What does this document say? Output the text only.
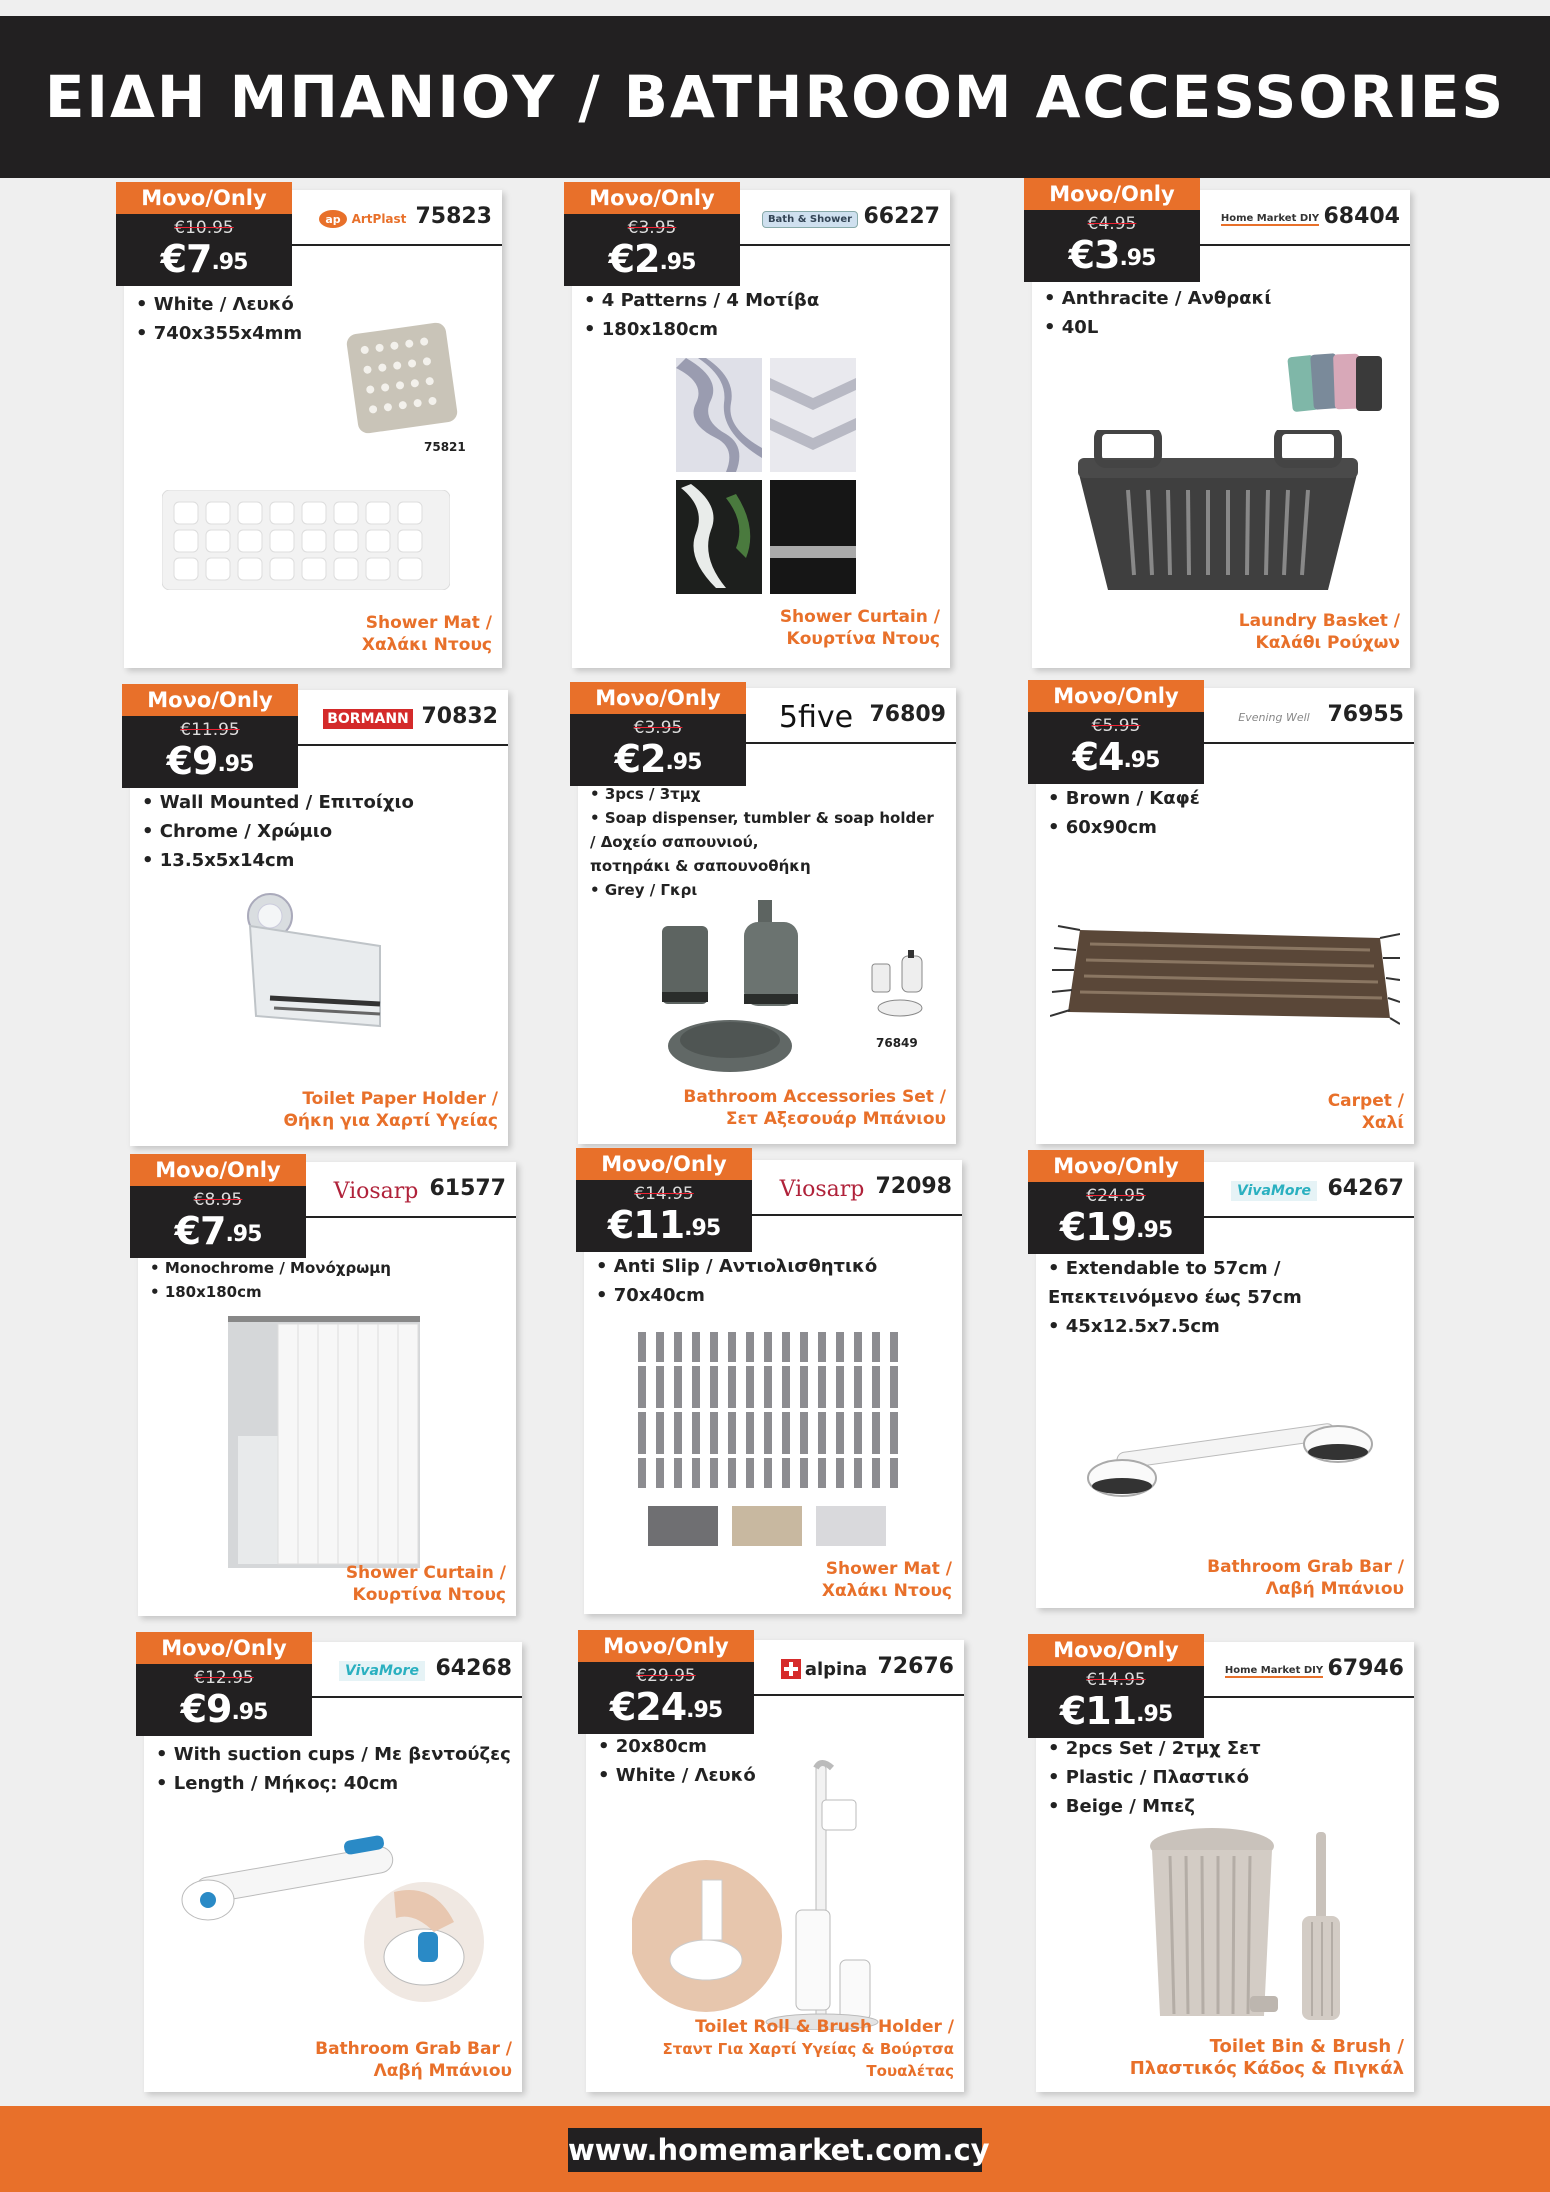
ΕΙΔΗ ΜΠΑΝΙΟΥ / BATHROOM ACCESSORIES
Μονο/Only
€10.95
$€7^{.95}$
ap ArtPlast 75823
• White / Λευκό
• 740x355x4mm
75821
Shower Mat /
Χαλάκι Ντους
Μονο/Only
€3.95
$€2^{.95}$
Bath & Shower 66227
• 4 Patterns / 4 Μοτίβα
• 180x180cm
Shower Curtain /
Κουρτίνα Ντους
Μονο/Only
€4.95
$€3^{.95}$
Home Market DIY 68404
• Anthracite / Ανθρακί
• 40L
Laundry Basket /
Καλάθι Ρούχων
Μονο/Only
€11.95
$€9^{.95}$
BORMANN 70832
• Wall Mounted / Επιτοίχιο
• Chrome / Χρώμιο
• 13.5x5x14cm
Toilet Paper Holder /
Θήκη για Χαρτί Υγείας
Μονο/Only
€3.95
$€2^{.95}$
5five 76809
• 3pcs / 3τμχ
• Soap dispenser, tumbler & soap holder
/ Δοχείο σαπουνιού,
ποτηράκι & σαπουνοθήκη
• Grey / Γκρι
76849
Bathroom Accessories Set /
Σετ Αξεσουάρ Μπάνιου
Μονο/Only
€5.95
$€4^{.95}$
Evening Well 76955
• Brown / Καφέ
• 60x90cm
Carpet /
Χαλί
Μονο/Only
€8.95
$€7^{.95}$
Viosarp 61577
• Monochrome / Μονόχρωμη
• 180x180cm
Shower Curtain /
Κουρτίνα Ντους
Μονο/Only
€14.95
$€11^{.95}$
Viosarp 72098
• Anti Slip / Αντιολισθητικό
• 70x40cm
Shower Mat /
Χαλάκι Ντους
Μονο/Only
€24.95
$€19^{.95}$
VivaMore 64267
• Extendable to 57cm /
Επεκτεινόμενο έως 57cm
• 45x12.5x7.5cm
Bathroom Grab Bar /
Λαβή Μπάνιου
Μονο/Only
€12.95
$€9^{.95}$
VivaMore 64268
• With suction cups / Με βεντούζες
• Length / Μήκος: 40cm
Bathroom Grab Bar /
Λαβή Μπάνιου
Μονο/Only
€29.95
$€24^{.95}$
alpina 72676
• 20x80cm
• White / Λευκό
Toilet Roll & Brush Holder /
Σταντ Για Χαρτί Υγείας & Βούρτσα Τουαλέτας
Μονο/Only
€14.95
$€11^{.95}$
Home Market DIY 67946
• 2pcs Set / 2τμχ Σετ
• Plastic / Πλαστικό
• Beige / Μπεζ
Toilet Bin & Brush /
Πλαστικός Κάδος & Πιγκάλ
www.homemarket.com.cy
